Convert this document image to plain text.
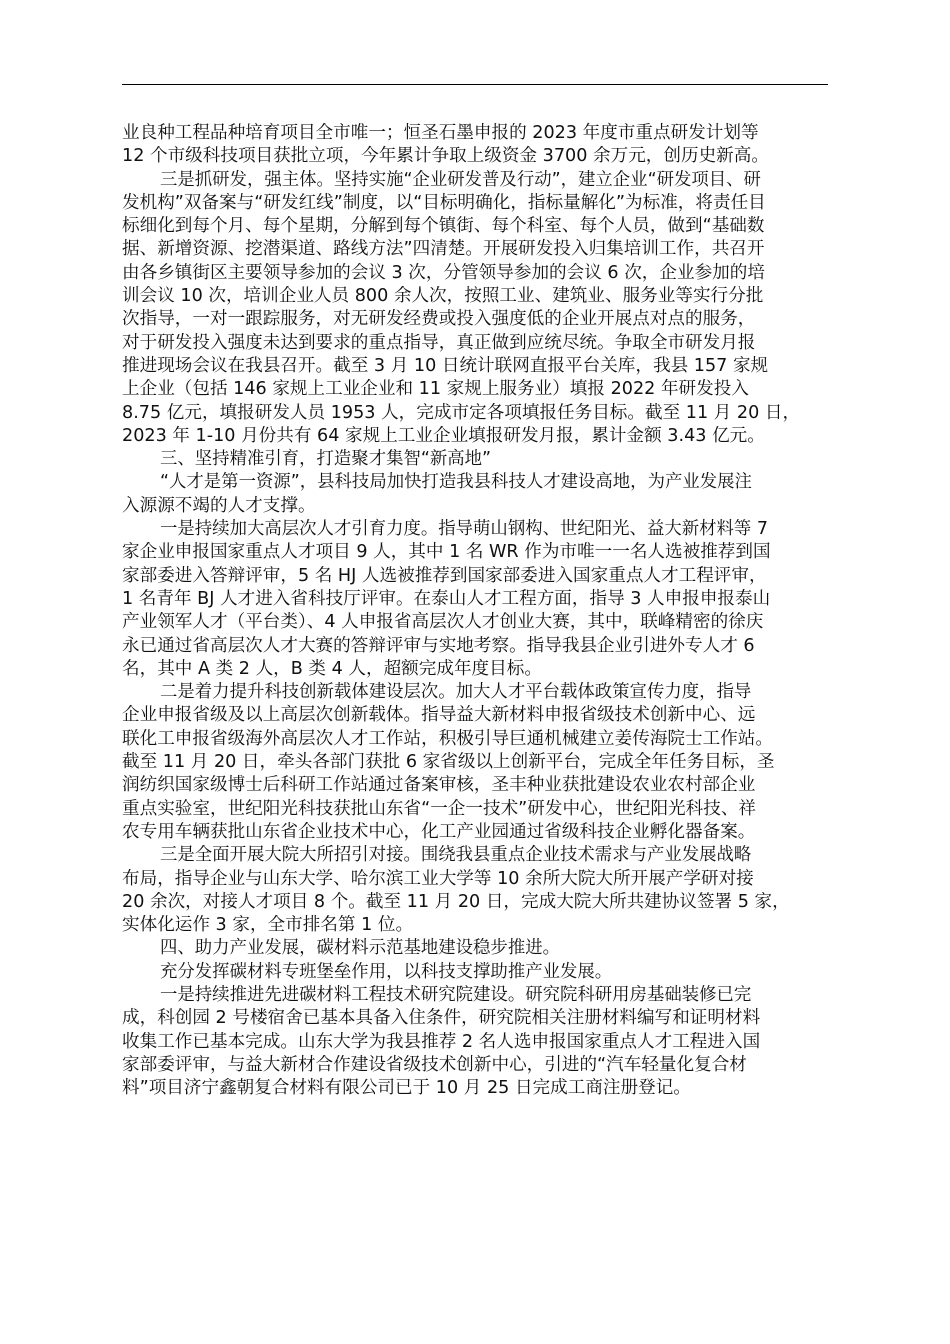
业良种工程品种培育项目全市唯一；恒圣石墨申报的 2023 年度市重点研发计划等
12 个市级科技项目获批立项，今年累计争取上级资金 3700 余万元，创历史新高。
三是抓研发，强主体。坚持实施“企业研发普及行动”，建立企业“研发项目、研
发机构”双备案与“研发红线”制度，以“目标明确化，指标量解化”为标准，将责任目
标细化到每个月、每个星期，分解到每个镇街、每个科室、每个人员，做到“基础数
据、新增资源、挖潜渠道、路线方法”四清楚。开展研发投入归集培训工作，共召开
由各乡镇街区主要领导参加的会议 3 次，分管领导参加的会议 6 次，企业参加的培
训会议 10 次，培训企业人员 800 余人次，按照工业、建筑业、服务业等实行分批
次指导，一对一跟踪服务，对无研发经费或投入强度低的企业开展点对点的服务，
对于研发投入强度未达到要求的重点指导，真正做到应统尽统。争取全市研发月报
推进现场会议在我县召开。截至 3 月 10 日统计联网直报平台关库，我县 157 家规
上企业（包括 146 家规上工业企业和 11 家规上服务业）填报 2022 年研发投入
8.75 亿元，填报研发人员 1953 人，完成市定各项填报任务目标。截至 11 月 20 日，
2023 年 1-10 月份共有 64 家规上工业企业填报研发月报，累计金额 3.43 亿元。
三、坚持精准引育，打造聚才集智“新高地”
“人才是第一资源”，县科技局加快打造我县科技人才建设高地，为产业发展注
入源源不竭的人才支撑。
一是持续加大高层次人才引育力度。指导萌山钢构、世纪阳光、益大新材料等 7
家企业申报国家重点人才项目 9 人，其中 1 名 WR 作为市唯一一名人选被推荐到国
家部委进入答辩评审，5 名 HJ 人选被推荐到国家部委进入国家重点人才工程评审，
1 名青年 BJ 人才进入省科技厅评审。在泰山人才工程方面，指导 3 人申报申报泰山
产业领军人才（平台类）、4 人申报省高层次人才创业大赛，其中，联峰精密的徐庆
永已通过省高层次人才大赛的答辩评审与实地考察。指导我县企业引进外专人才 6
名，其中 A 类 2 人，B 类 4 人，超额完成年度目标。
二是着力提升科技创新载体建设层次。加大人才平台载体政策宣传力度，指导
企业申报省级及以上高层次创新载体。指导益大新材料申报省级技术创新中心、远
联化工申报省级海外高层次人才工作站，积极引导巨通机械建立姜传海院士工作站。
截至 11 月 20 日，牵头各部门获批 6 家省级以上创新平台，完成全年任务目标，圣
润纺织国家级博士后科研工作站通过备案审核，圣丰种业获批建设农业农村部企业
重点实验室，世纪阳光科技获批山东省“一企一技术”研发中心，世纪阳光科技、祥
农专用车辆获批山东省企业技术中心，化工产业园通过省级科技企业孵化器备案。
三是全面开展大院大所招引对接。围绕我县重点企业技术需求与产业发展战略
布局，指导企业与山东大学、哈尔滨工业大学等 10 余所大院大所开展产学研对接
20 余次，对接人才项目 8 个。截至 11 月 20 日，完成大院大所共建协议签署 5 家，
实体化运作 3 家，全市排名第 1 位。
四、助力产业发展，碳材料示范基地建设稳步推进。
充分发挥碳材料专班堡垒作用，以科技支撑助推产业发展。
一是持续推进先进碳材料工程技术研究院建设。研究院科研用房基础装修已完
成，科创园 2 号楼宿舍已基本具备入住条件，研究院相关注册材料编写和证明材料
收集工作已基本完成。山东大学为我县推荐 2 名人选申报国家重点人才工程进入国
家部委评审，与益大新材合作建设省级技术创新中心，引进的“汽车轻量化复合材
料”项目济宁鑫朝复合材料有限公司已于 10 月 25 日完成工商注册登记。
